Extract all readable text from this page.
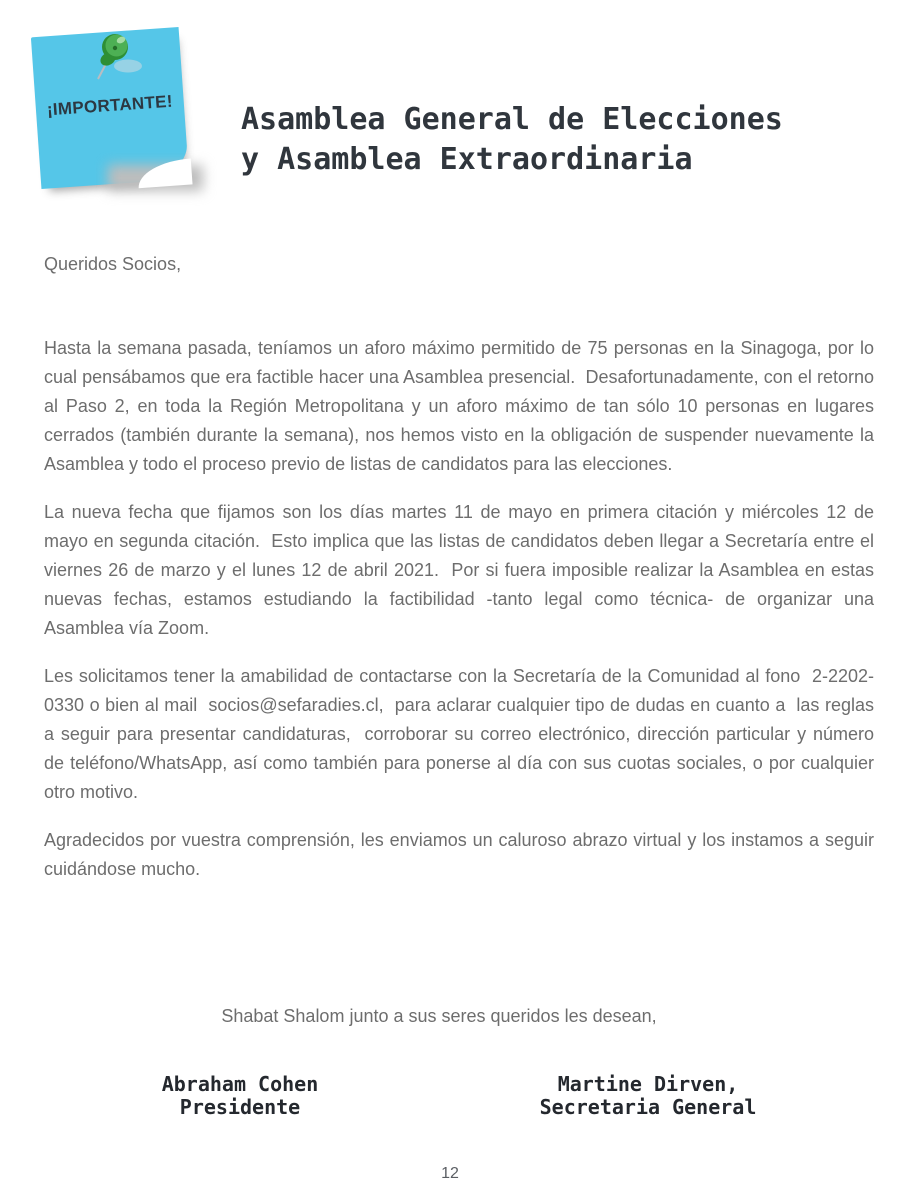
¡IMPORTANTE!	Asamblea General de Elecciones
y Asamblea Extraordinaria

Queridos Socios,

Hasta la semana pasada, teníamos un aforo máximo permitido de 75 personas en la Sinagoga, por lo cual pensábamos que era factible hacer una Asamblea presencial.  Desafortunadamente, con el retorno al Paso 2, en toda la Región Metropolitana y un aforo máximo de tan sólo 10 personas en lugares cerrados (también durante la semana), nos hemos visto en la obligación de suspender nuevamente la Asamblea y todo el proceso previo de listas de candidatos para las elecciones.

La nueva fecha que fijamos son los días martes 11 de mayo en primera citación y miércoles 12 de mayo en segunda citación.  Esto implica que las listas de candidatos deben llegar a Secretaría entre el viernes 26 de marzo y el lunes 12 de abril 2021.  Por si fuera imposible realizar la Asamblea en estas nuevas fechas, estamos estudiando la factibilidad -tanto legal como técnica- de organizar una Asamblea vía Zoom.

Les solicitamos tener la amabilidad de contactarse con la Secretaría de la Comunidad al fono  2-2202-0330 o bien al mail  socios@sefaradies.cl,  para aclarar cualquier tipo de dudas en cuanto a  las reglas a seguir para presentar candidaturas,  corroborar su correo electrónico, dirección particular y número de teléfono/WhatsApp, así como también para ponerse al día con sus cuotas sociales, o por cualquier otro motivo.

Agradecidos por vuestra comprensión, les enviamos un caluroso abrazo virtual y los instamos a seguir cuidándose mucho.

Shabat Shalom junto a sus seres queridos les desean,

Abraham Cohen
Presidente
Martine Dirven,
Secretaria General
12
